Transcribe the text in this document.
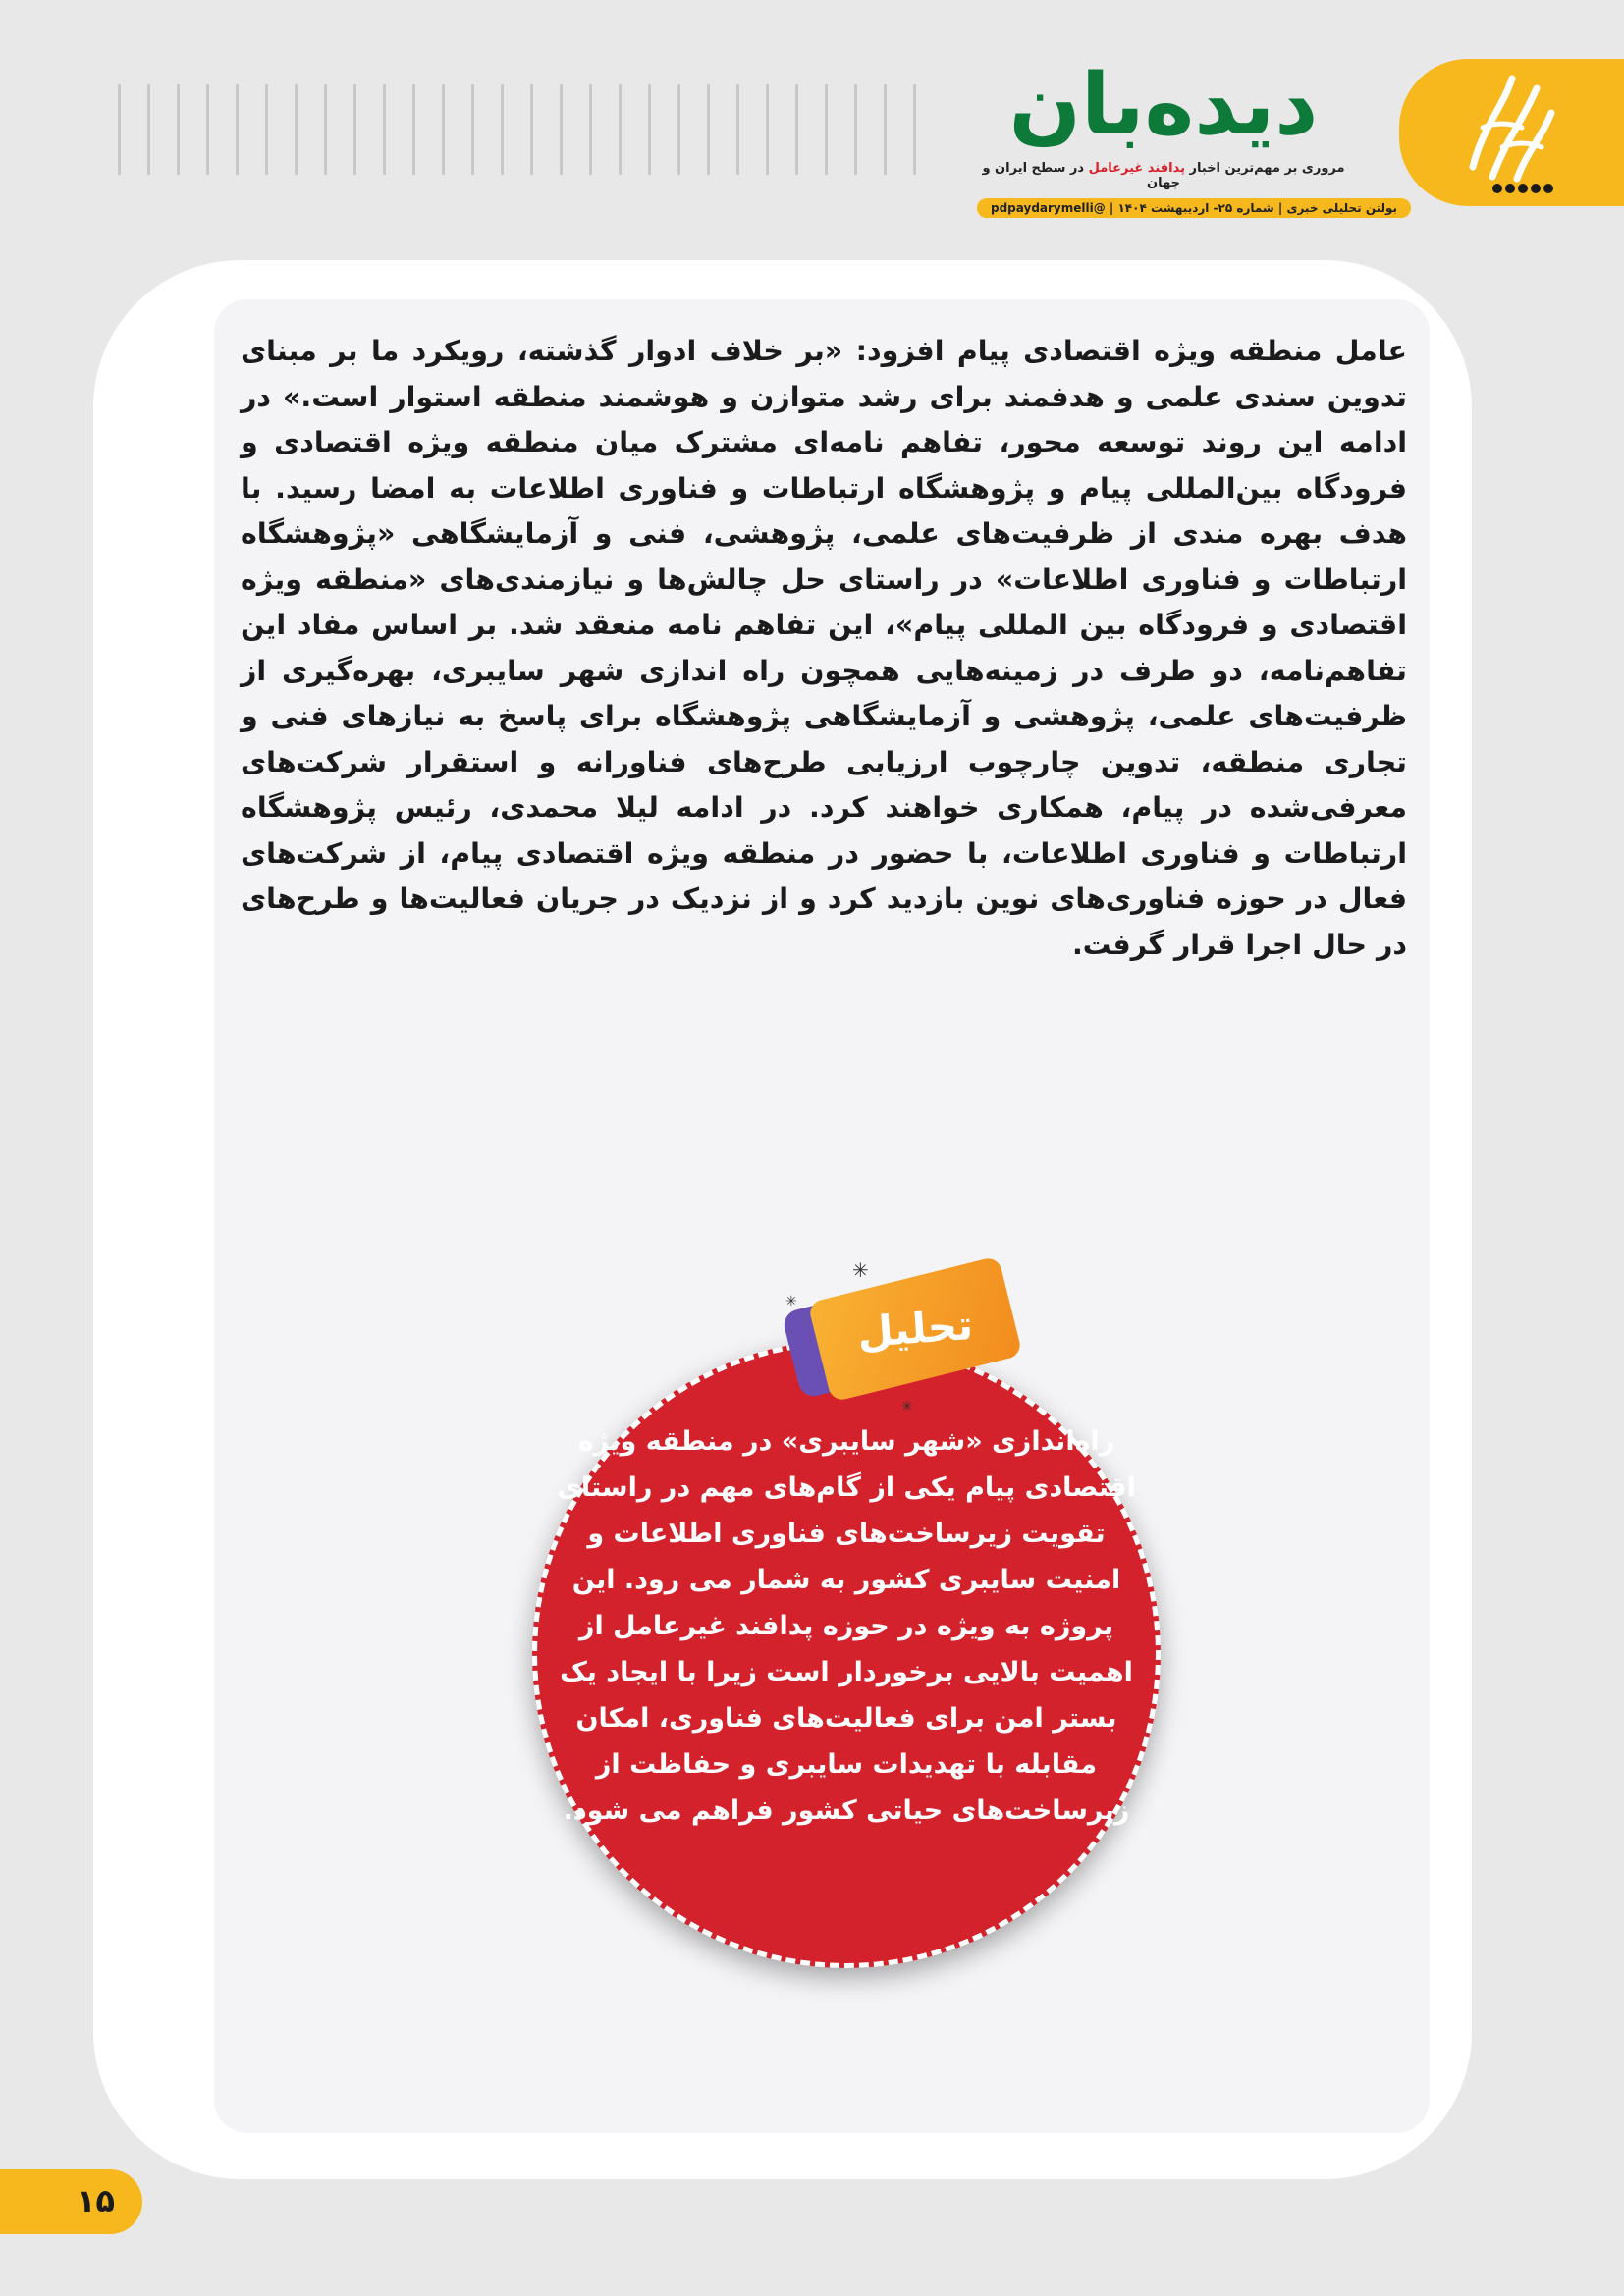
دیده‌بان
مروری بر مهم‌ترین اخبار پدافند غیرعامل در سطح ایران و جهان
بولتن تحلیلی خبری | شماره ۲۵- اردیبهشت ۱۴۰۴ | @pdpaydarymelli

عامل منطقه ویژه اقتصادی پیام افزود: «بر خلاف ادوار گذشته، رویکرد ما بر مبنای تدوین سندی علمی و هدفمند برای رشد متوازن و هوشمند منطقه استوار است.» در ادامه این روند توسعه محور، تفاهم نامه‌ای مشترک میان منطقه ویژه اقتصادی و فرودگاه بین‌المللی پیام و پژوهشگاه ارتباطات و فناوری اطلاعات به امضا رسید. با هدف بهره مندی از ظرفیت‌های علمی، پژوهشی، فنی و آزمایشگاهی «پژوهشگاه ارتباطات و فناوری اطلاعات» در راستای حل چالش‌ها و نیازمندی‌های «منطقه ویژه اقتصادی و فرودگاه بین المللی پیام»، این تفاهم نامه منعقد شد. بر اساس مفاد این تفاهم‌نامه، دو طرف در زمینه‌هایی همچون راه اندازی شهر سایبری، بهره‌گیری از ظرفیت‌های علمی، پژوهشی و آزمایشگاهی پژوهشگاه برای پاسخ به نیازهای فنی و تجاری منطقه، تدوین چارچوب ارزیابی طرح‌های فناورانه و استقرار شرکت‌های معرفی‌شده در پیام، همکاری خواهند کرد. در ادامه لیلا محمدی، رئیس پژوهشگاه ارتباطات و فناوری اطلاعات، با حضور در منطقه ویژه اقتصادی پیام، از شرکت‌های فعال در حوزه فناوری‌های نوین بازدید کرد و از نزدیک در جریان فعالیت‌ها و طرح‌های در حال اجرا قرار گرفت.

راه‌اندازی «شهر سایبری» در منطقه ویژه اقتصادی پیام یکی از گام‌های مهم در راستای تقویت زیرساخت‌های فناوری اطلاعات و امنیت سایبری کشور به شمار می رود. این پروژه به ویژه در حوزه پدافند غیرعامل از اهمیت بالایی برخوردار است زیرا با ایجاد یک بستر امن برای فعالیت‌های فناوری، امکان مقابله با تهدیدات سایبری و حفاظت از زیرساخت‌های حیاتی کشور فراهم می شود.

تحلیل
✳
✳
✳
۱۵
